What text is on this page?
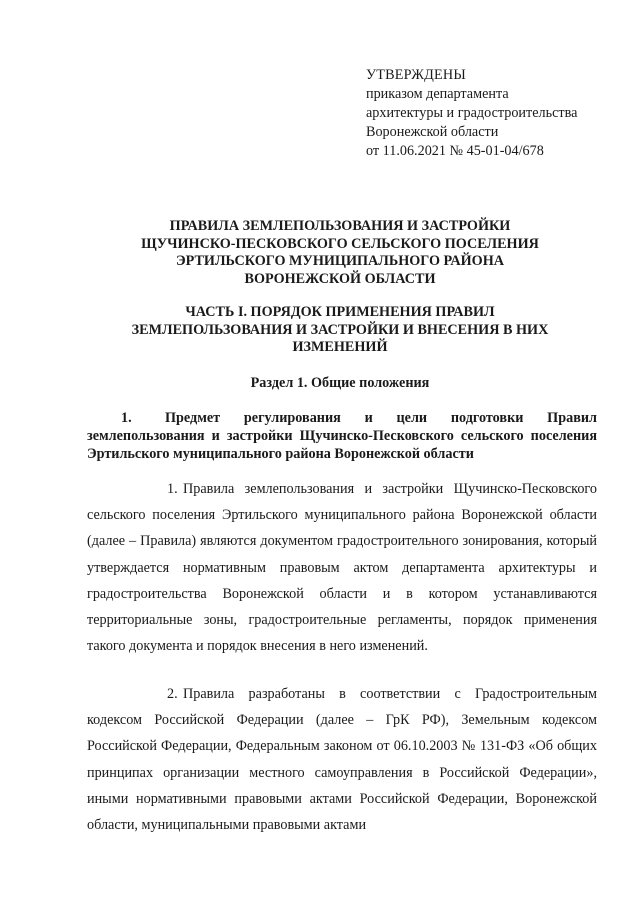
УТВЕРЖДЕНЫ
приказом департамента
архитектуры и градостроительства
Воронежской области
от 11.06.2021 № 45-01-04/678
ПРАВИЛА ЗЕМЛЕПОЛЬЗОВАНИЯ И ЗАСТРОЙКИ
ЩУЧИНСКО-ПЕСКОВСКОГО СЕЛЬСКОГО ПОСЕЛЕНИЯ
ЭРТИЛЬСКОГО МУНИЦИПАЛЬНОГО РАЙОНА
ВОРОНЕЖСКОЙ ОБЛАСТИ
ЧАСТЬ I. ПОРЯДОК ПРИМЕНЕНИЯ ПРАВИЛ
ЗЕМЛЕПОЛЬЗОВАНИЯ И ЗАСТРОЙКИ И ВНЕСЕНИЯ В НИХ
ИЗМЕНЕНИЙ
Раздел 1. Общие положения
1. Предмет регулирования и цели подготовки Правил землепользования и застройки Щучинско-Песковского сельского поселения Эртильского муниципального района Воронежской области
1. Правила землепользования и застройки Щучинско-Песковского сельского поселения Эртильского муниципального района Воронежской области (далее – Правила) являются документом градостроительного зонирования, который утверждается нормативным правовым актом департамента архитектуры и градостроительства Воронежской области и в котором устанавливаются территориальные зоны, градостроительные регламенты, порядок применения такого документа и порядок внесения в него изменений.
2. Правила разработаны в соответствии с Градостроительным кодексом Российской Федерации (далее – ГрК РФ), Земельным кодексом Российской Федерации, Федеральным законом от 06.10.2003 № 131-ФЗ «Об общих принципах организации местного самоуправления в Российской Федерации», иными нормативными правовыми актами Российской Федерации, Воронежской области, муниципальными правовыми актами
